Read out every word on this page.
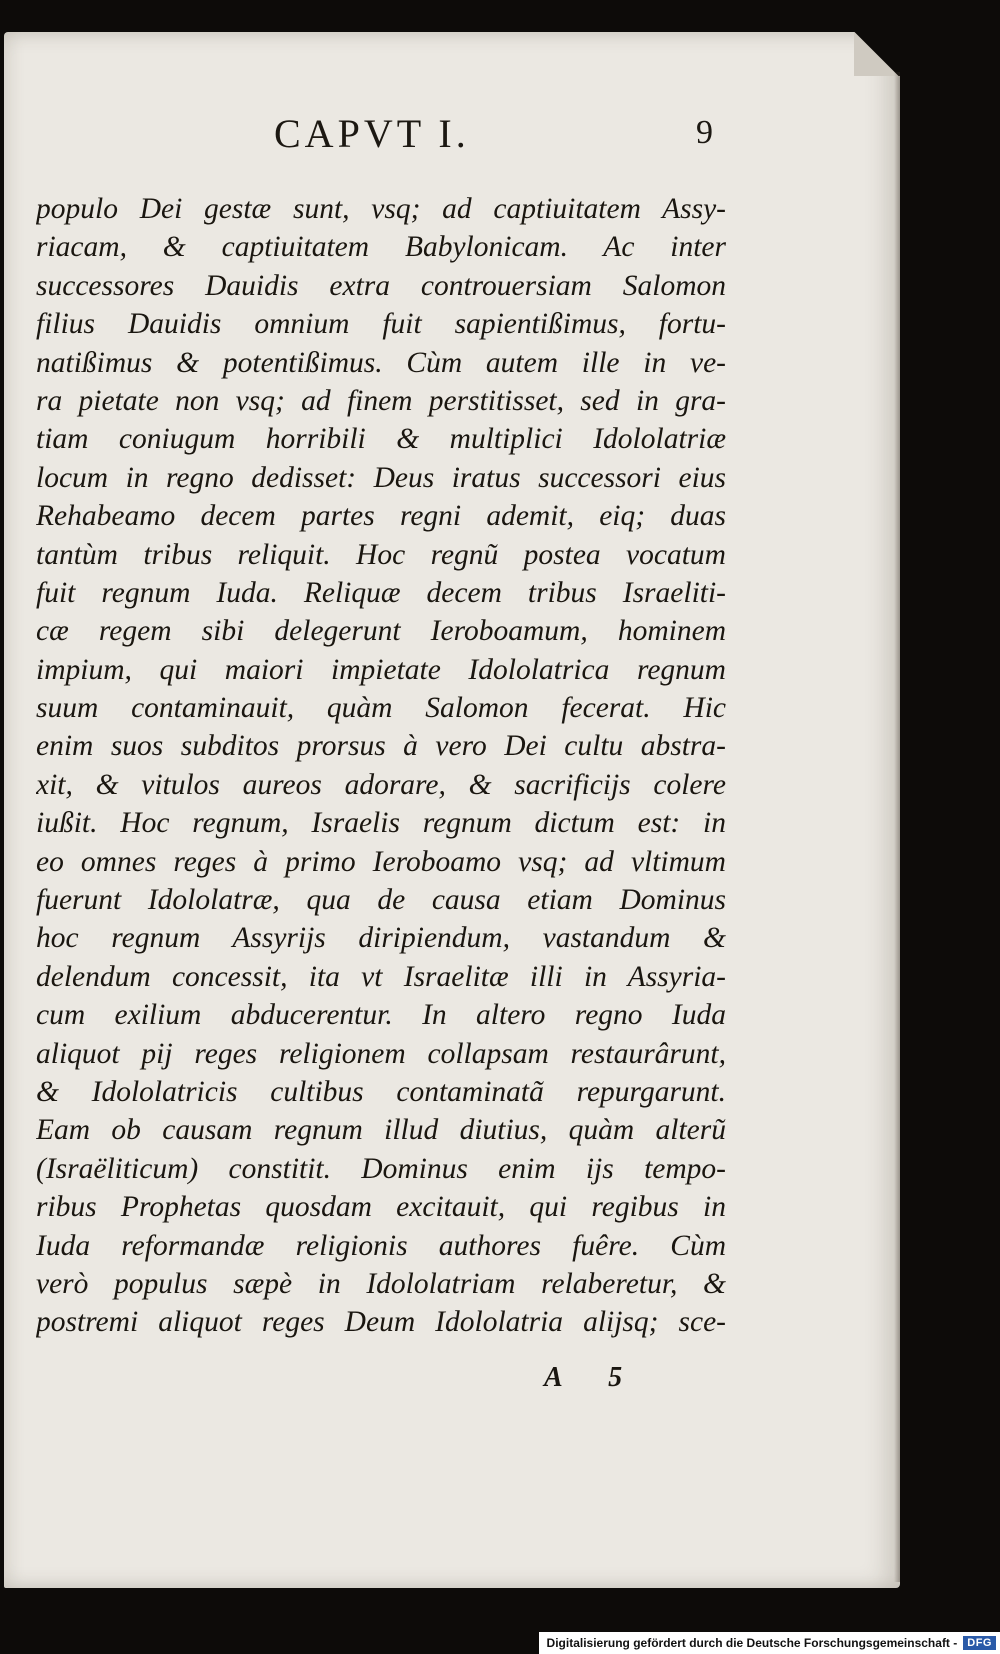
CAPVT I.	9
populo Dei gestæ sunt, vsq; ad captiuitatem Assy-
riacam, & captiuitatem Babylonicam. Ac inter
successores Dauidis extra controuersiam Salomon
filius Dauidis omnium fuit sapientißimus, fortu-
natißimus & potentißimus. Cùm autem ille in ve-
ra pietate non vsq; ad finem perstitisset, sed in gra-
tiam coniugum horribili & multiplici Idololatriæ
locum in regno dedisset: Deus iratus successori eius
Rehabeamo decem partes regni ademit, eiq; duas
tantùm tribus reliquit. Hoc regnũ postea vocatum
fuit regnum Iuda. Reliquæ decem tribus Israeliti-
cæ regem sibi delegerunt Ieroboamum, hominem
impium, qui maiori impietate Idololatrica regnum
suum contaminauit, quàm Salomon fecerat. Hic
enim suos subditos prorsus à vero Dei cultu abstra-
xit, & vitulos aureos adorare, & sacrificijs colere
iußit. Hoc regnum, Israelis regnum dictum est: in
eo omnes reges à primo Ieroboamo vsq; ad vltimum
fuerunt Idololatræ, qua de causa etiam Dominus
hoc regnum Assyrijs diripiendum, vastandum &
delendum concessit, ita vt Israelitæ illi in Assyria-
cum exilium abducerentur. In altero regno Iuda
aliquot pij reges religionem collapsam restaurârunt,
& Idololatricis cultibus contaminatã repurgarunt.
Eam ob causam regnum illud diutius, quàm alterũ
(Israëliticum) constitit. Dominus enim ijs tempo-
ribus Prophetas quosdam excitauit, qui regibus in
Iuda reformandæ religionis authores fuêre. Cùm
verò populus sæpè in Idololatriam relaberetur, &
postremi aliquot reges Deum Idololatria alijsq; sce-
A 5
Digitalisierung gefördert durch die Deutsche Forschungsgemeinschaft - DFG
